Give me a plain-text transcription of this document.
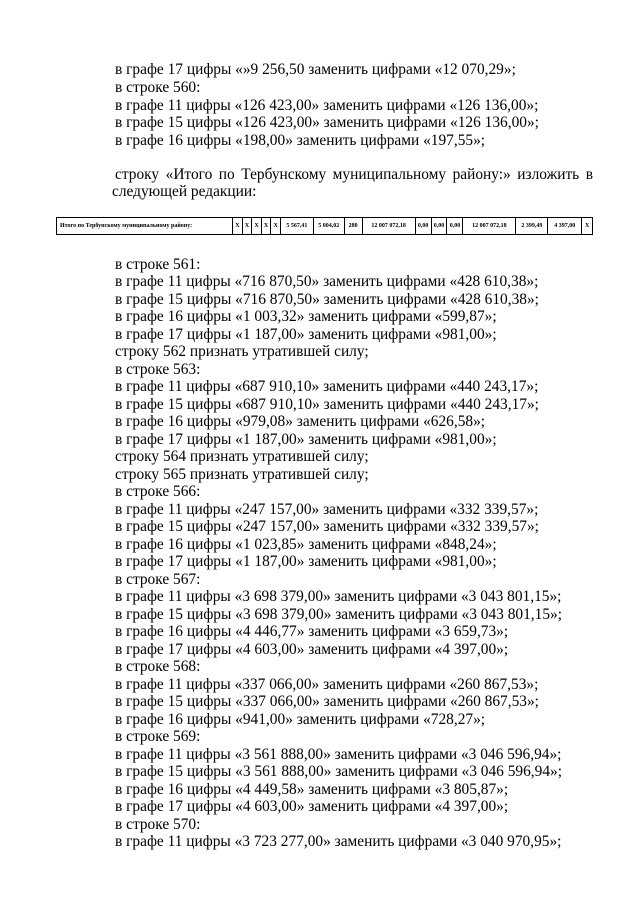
в графе 17 цифры «»9 256,50 заменить цифрами «12 070,29»;
в строке 560:
в графе 11 цифры «126 423,00» заменить цифрами «126 136,00»;
в графе 15 цифры «126 423,00» заменить цифрами «126 136,00»;
в графе 16 цифры «198,00» заменить цифрами «197,55»;
строку «Итого по Тербунскому муниципальному району:» изложить в
следующей редакции:
Итого по Тербунскому муниципальному району:	X	X	X	X	X	5 567,41	5 004,02	280	12 007 072,18	0,00	0,00	0,00	12 007 072,18	2 399,49	4 397,00	X
в строке 561:
в графе 11 цифры «716 870,50» заменить цифрами «428 610,38»;
в графе 15 цифры «716 870,50» заменить цифрами «428 610,38»;
в графе 16 цифры «1 003,32» заменить цифрами «599,87»;
в графе 17 цифры «1 187,00» заменить цифрами «981,00»;
строку 562 признать утратившей силу;
в строке 563:
в графе 11 цифры «687 910,10» заменить цифрами «440 243,17»;
в графе 15 цифры «687 910,10» заменить цифрами «440 243,17»;
в графе 16 цифры «979,08» заменить цифрами «626,58»;
в графе 17 цифры «1 187,00» заменить цифрами «981,00»;
строку 564 признать утратившей силу;
строку 565 признать утратившей силу;
в строке 566:
в графе 11 цифры «247 157,00» заменить цифрами «332 339,57»;
в графе 15 цифры «247 157,00» заменить цифрами «332 339,57»;
в графе 16 цифры «1 023,85» заменить цифрами «848,24»;
в графе 17 цифры «1 187,00» заменить цифрами «981,00»;
в строке 567:
в графе 11 цифры «3 698 379,00» заменить цифрами «3 043 801,15»;
в графе 15 цифры «3 698 379,00» заменить цифрами «3 043 801,15»;
в графе 16 цифры «4 446,77» заменить цифрами «3 659,73»;
в графе 17 цифры «4 603,00» заменить цифрами «4 397,00»;
в строке 568:
в графе 11 цифры «337 066,00» заменить цифрами «260 867,53»;
в графе 15 цифры «337 066,00» заменить цифрами «260 867,53»;
в графе 16 цифры «941,00» заменить цифрами «728,27»;
в строке 569:
в графе 11 цифры «3 561 888,00» заменить цифрами «3 046 596,94»;
в графе 15 цифры «3 561 888,00» заменить цифрами «3 046 596,94»;
в графе 16 цифры «4 449,58» заменить цифрами «3 805,87»;
в графе 17 цифры «4 603,00» заменить цифрами «4 397,00»;
в строке 570:
в графе 11 цифры «3 723 277,00» заменить цифрами «3 040 970,95»;
